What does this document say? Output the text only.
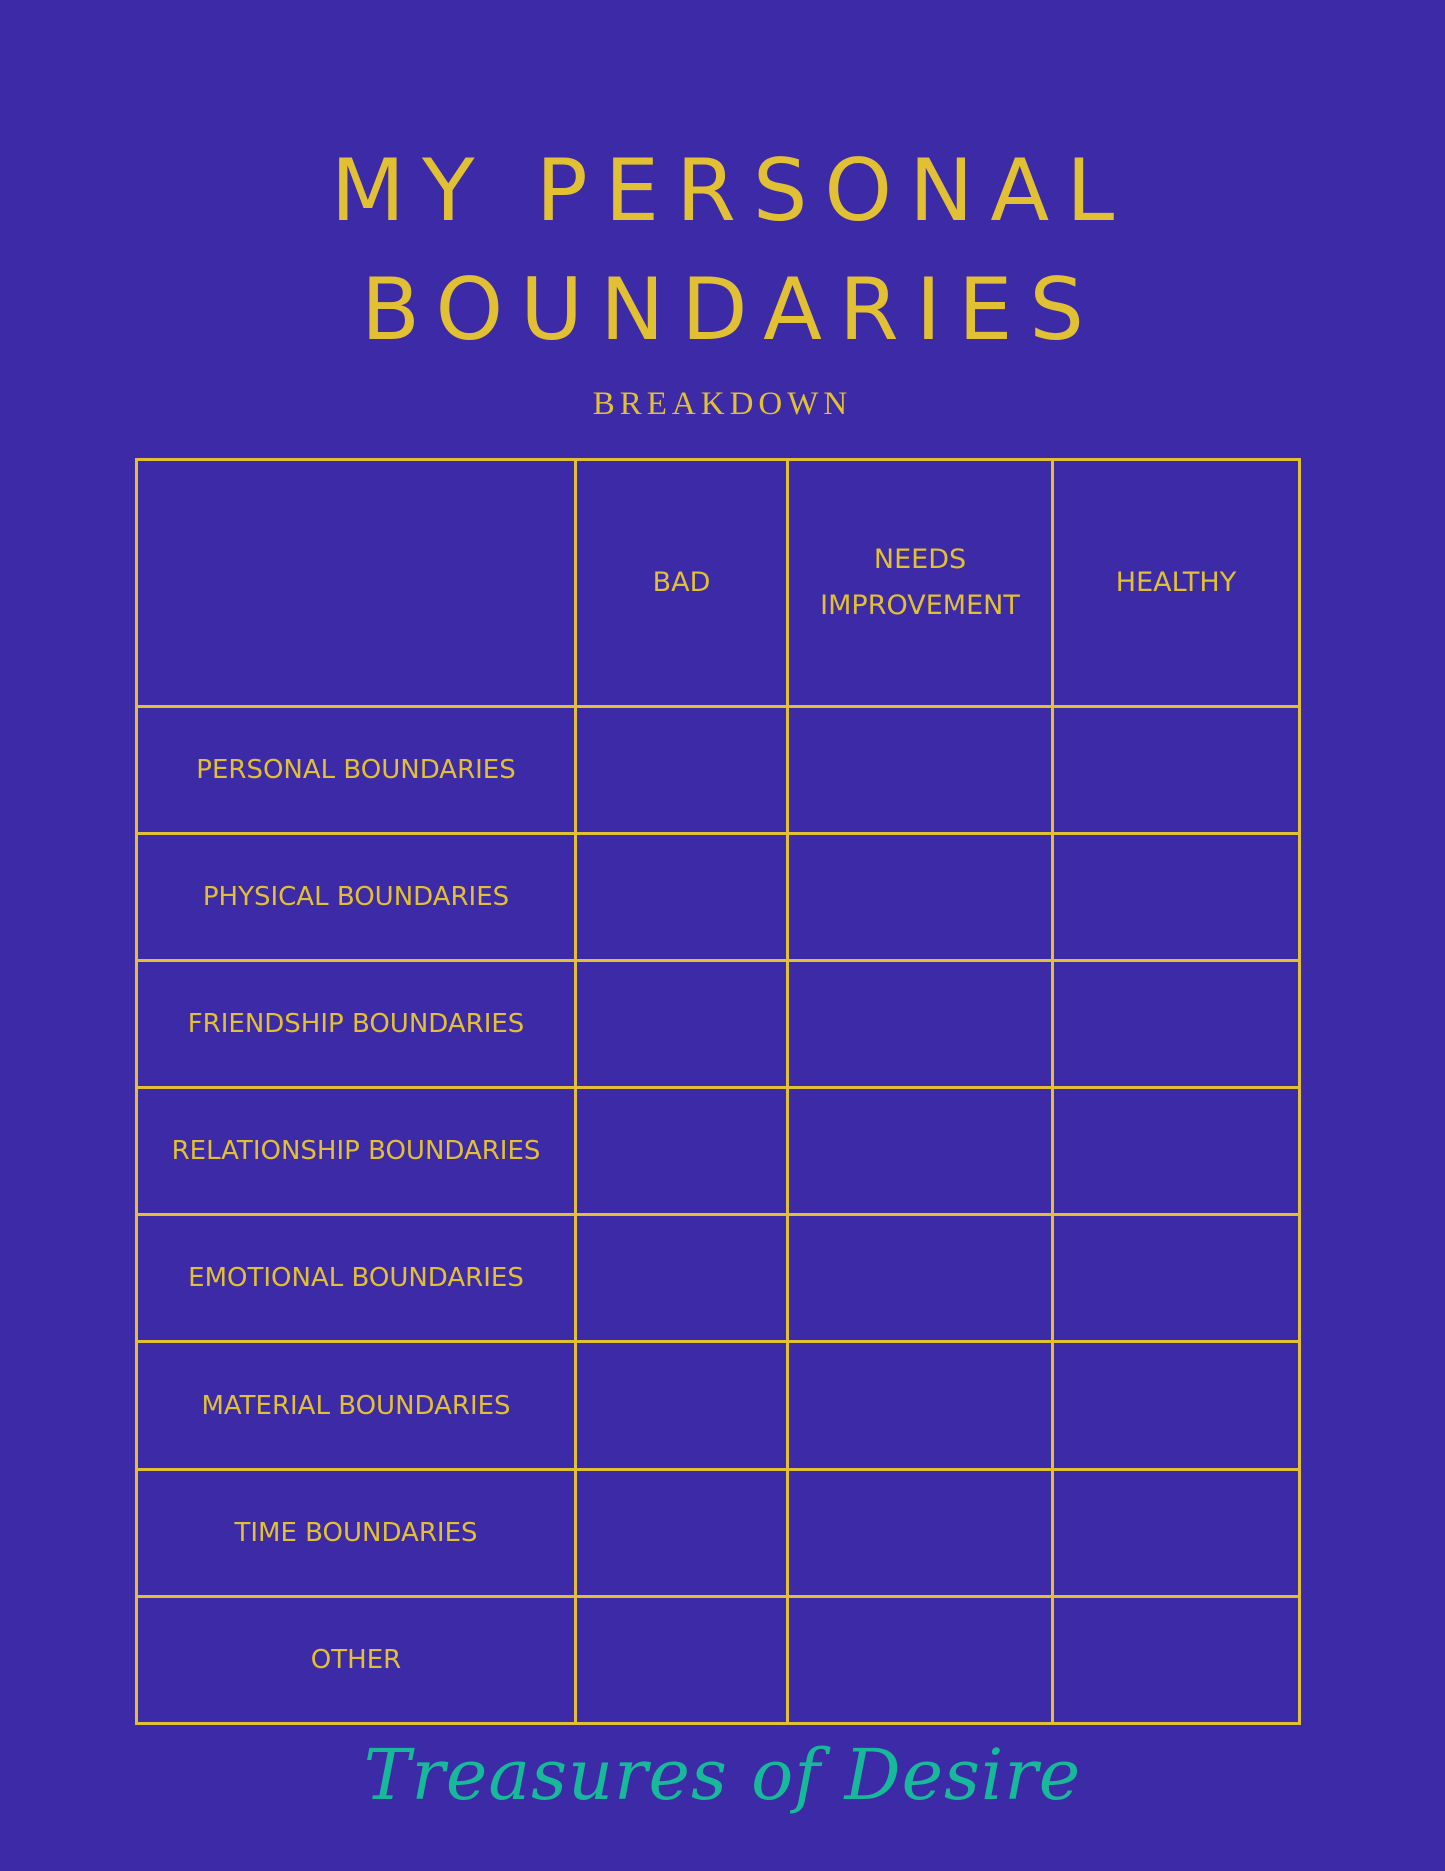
MY PERSONAL
BOUNDARIES
BREAKDOWN
	BAD	NEEDS IMPROVEMENT	HEALTHY
PERSONAL BOUNDARIES			
PHYSICAL BOUNDARIES			
FRIENDSHIP BOUNDARIES			
RELATIONSHIP BOUNDARIES			
EMOTIONAL BOUNDARIES			
MATERIAL BOUNDARIES			
TIME BOUNDARIES			
OTHER			
Treasures of Desire
